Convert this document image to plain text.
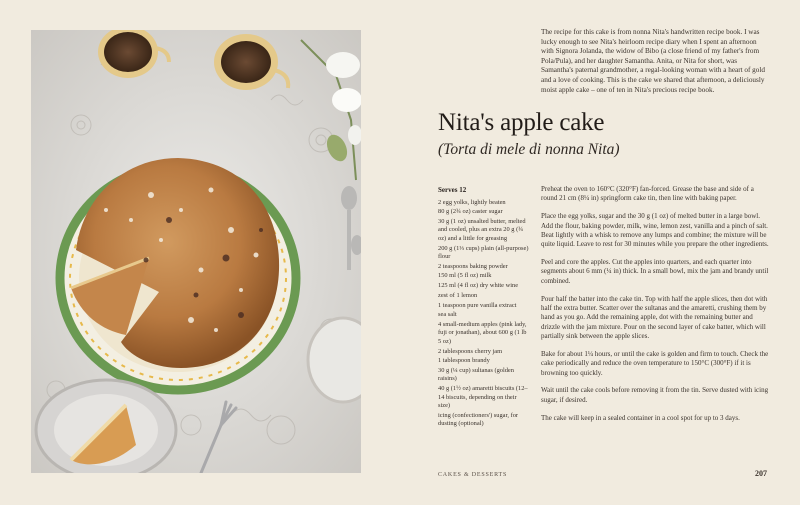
The recipe for this cake is from nonna Nita's handwritten recipe book. I was lucky enough to see Nita's heirloom recipe diary when I spent an afternoon with Signora Jolanda, the widow of Bibo (a close friend of my father's from Pola/Pula), and her daughter Samantha. Anita, or Nita for short, was Samantha's paternal grandmother, a regal-looking woman with a heart of gold and a love of cooking. This is the cake we shared that afternoon, a deliciously moist apple cake – one of ten in Nita's precious recipe book.

Nita's apple cake
(Torta di mele di nonna Nita)
Serves 12
2 egg yolks, lightly beaten
80 g (2¾ oz) caster sugar
30 g (1 oz) unsalted butter, melted and cooled, plus an extra 20 g (¾ oz) and a little for greasing
200 g (1⅓ cups) plain (all-purpose) flour
2 teaspoons baking powder
150 ml (5 fl oz) milk
125 ml (4 fl oz) dry white wine
zest of 1 lemon
1 teaspoon pure vanilla extract
sea salt
4 small-medium apples (pink lady, fuji or jonathan), about 600 g (1 lb 5 oz)
2 tablespoons cherry jam
1 tablespoon brandy
30 g (¼ cup) sultanas (golden raisins)
40 g (1½ oz) amaretti biscuits (12–14 biscuits, depending on their size)
icing (confectioners') sugar, for dusting (optional)

Preheat the oven to 160°C (320°F) fan-forced. Grease the base and side of a round 21 cm (8¼ in) springform cake tin, then line with baking paper.

Place the egg yolks, sugar and the 30 g (1 oz) of melted butter in a large bowl. Add the flour, baking powder, milk, wine, lemon zest, vanilla and a pinch of salt. Beat lightly with a whisk to remove any lumps and combine; the mixture will be quite liquid. Leave to rest for 30 minutes while you prepare the other ingredients.

Peel and core the apples. Cut the apples into quarters, and each quarter into segments about 6 mm (¼ in) thick. In a small bowl, mix the jam and brandy until combined.

Pour half the batter into the cake tin. Top with half the apple slices, then dot with half the extra butter. Scatter over the sultanas and the amaretti, crushing them by hand as you go. Add the remaining apple, dot with the remaining butter and drizzle with the jam mixture. Pour on the second layer of cake batter, which will partially sink between the apple slices.

Bake for about 1¼ hours, or until the cake is golden and firm to touch. Check the cake periodically and reduce the oven temperature to 150°C (300°F) if it is browning too quickly.

Wait until the cake cools before removing it from the tin. Serve dusted with icing sugar, if desired.

The cake will keep in a sealed container in a cool spot for up to 3 days.

CAKES & DESSERTS	207
